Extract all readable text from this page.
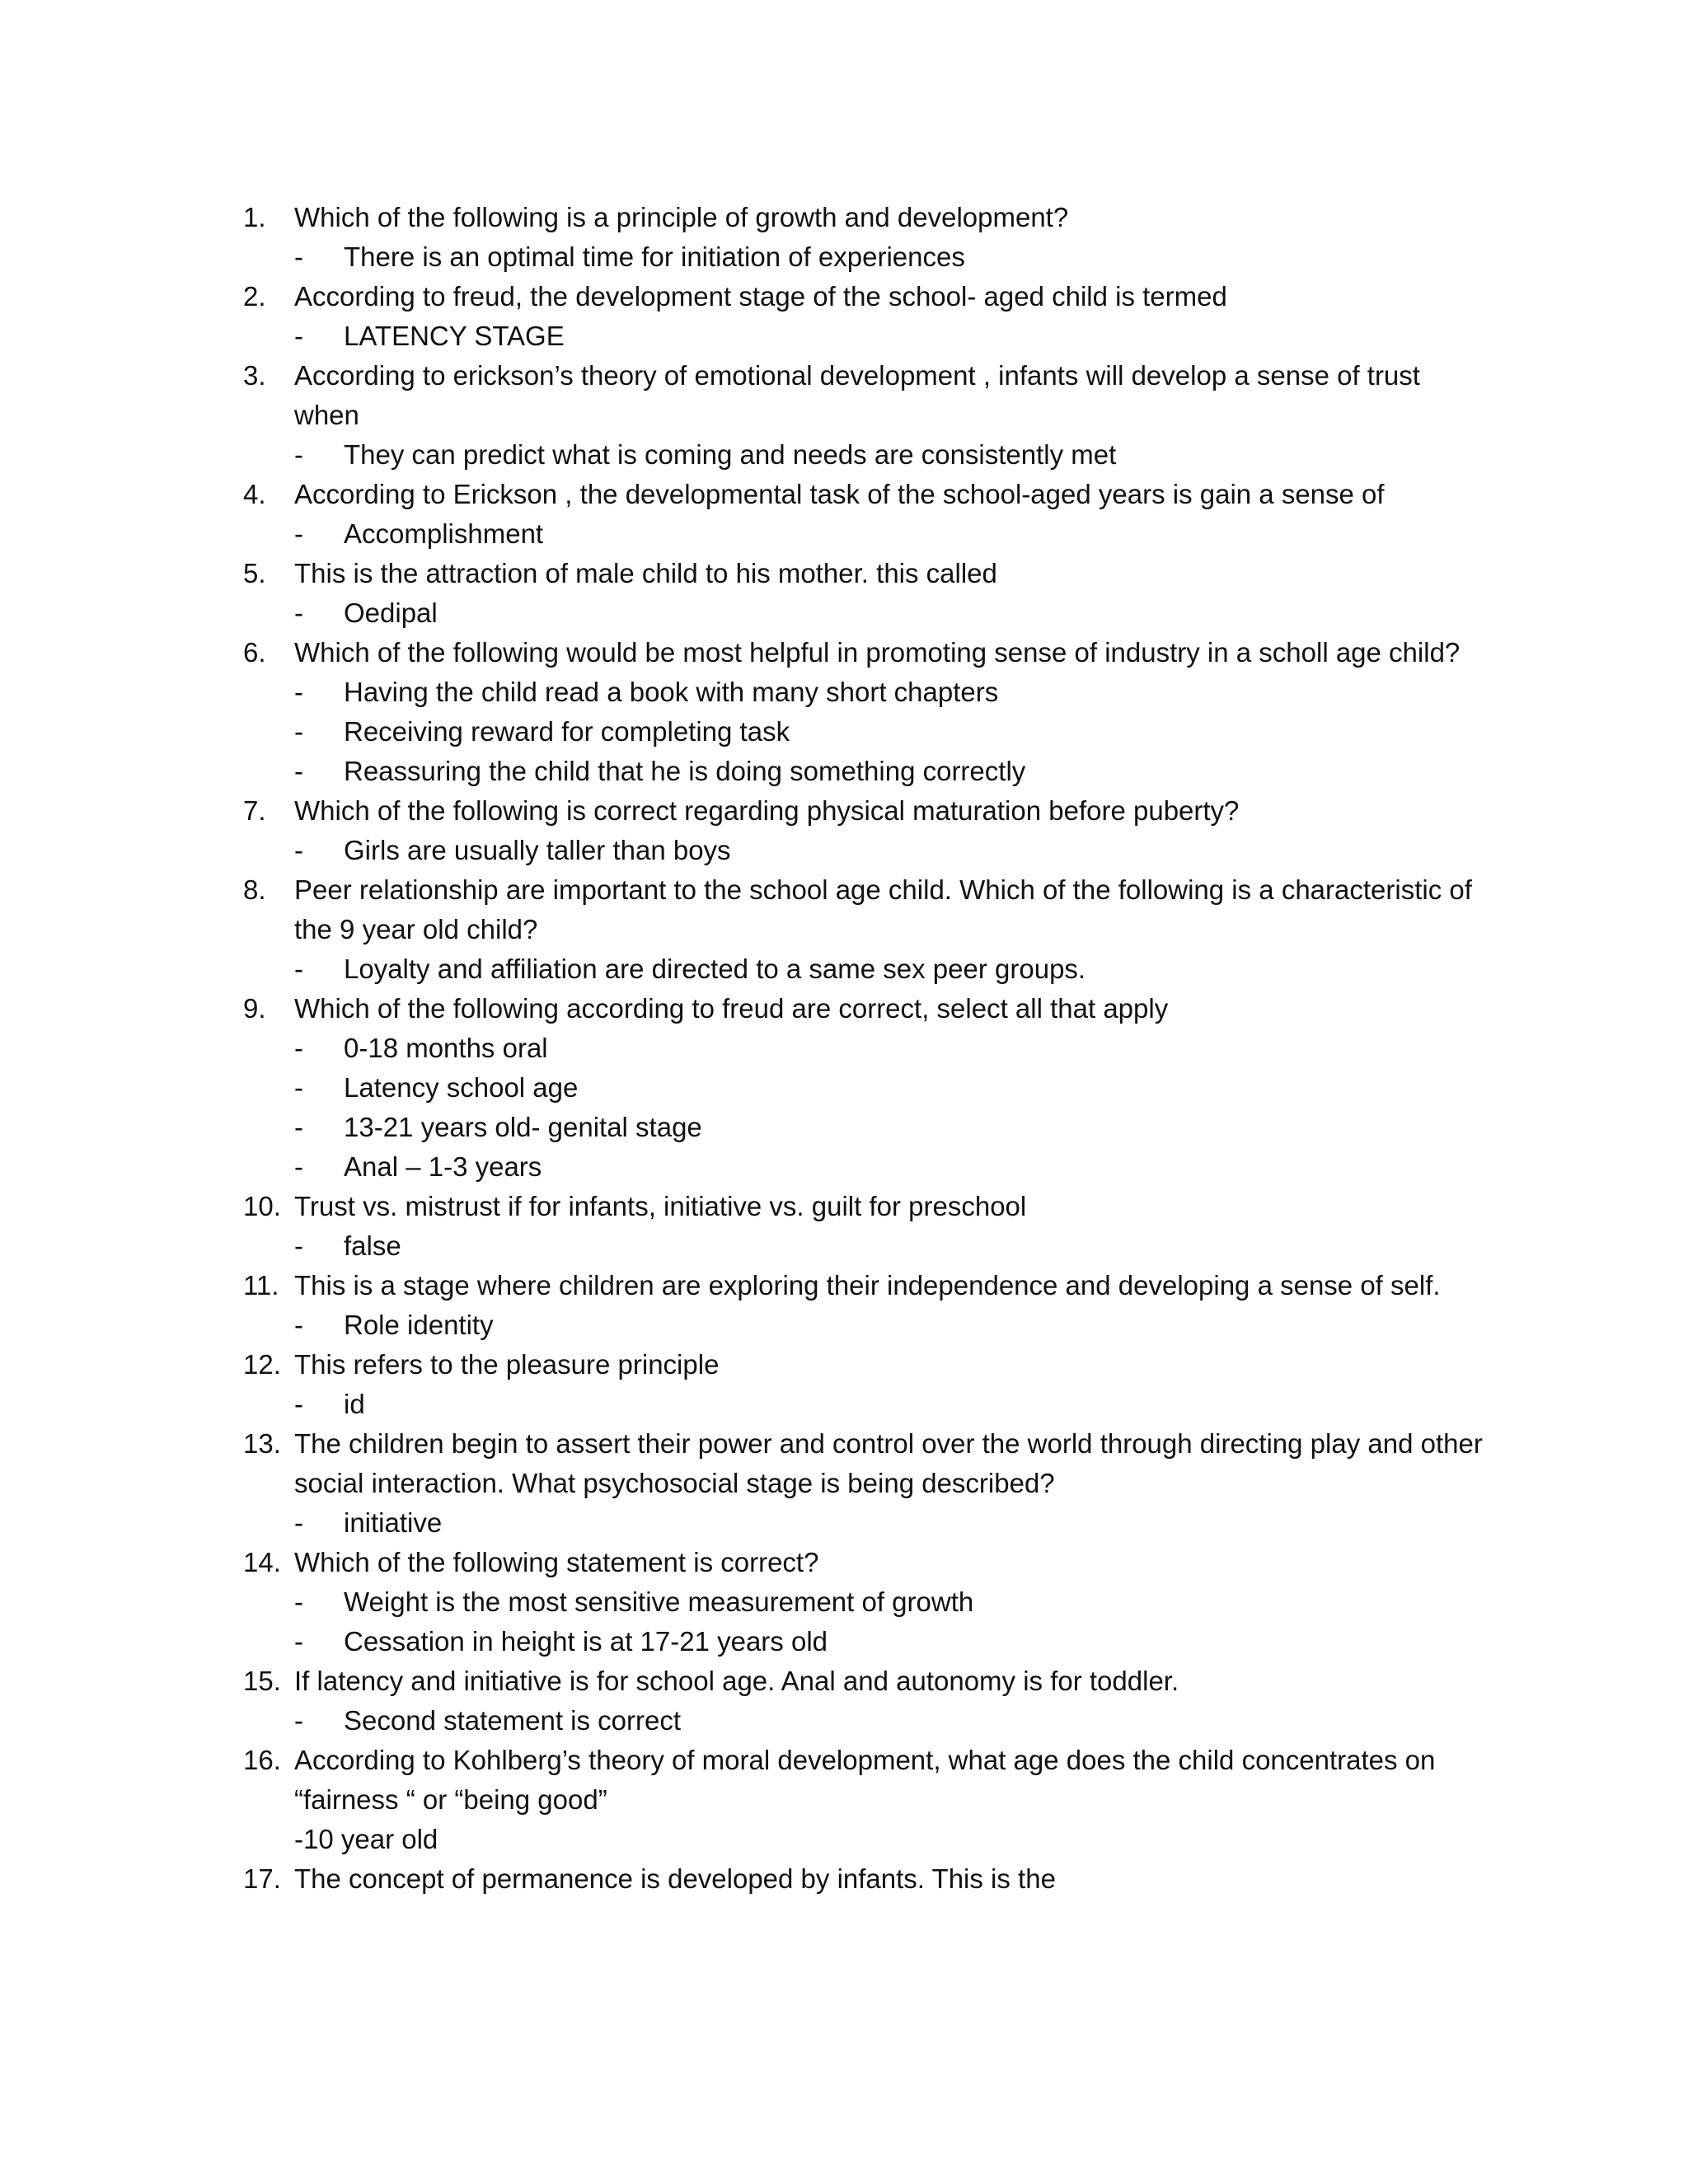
1.	Which of the following is a principle of growth and development?
- There is an optimal time for initiation of experiences
2.	According to freud, the development stage of the school- aged child is termed
- LATENCY STAGE
3.	According to erickson’s theory of emotional development , infants will develop a sense of trust when
- They can predict what is coming and needs are consistently met
4.	According to Erickson , the developmental task of the school-aged years is gain a sense of
- Accomplishment
5.	This is the attraction of male child to his mother. this called
- Oedipal
6.	Which of the following would be most helpful in promoting sense of industry in a scholl age child?
- Having the child read a book with many short chapters
- Receiving reward for completing task
- Reassuring the child that he is doing something correctly
7.	Which of the following is correct regarding physical maturation before puberty?
- Girls are usually taller than boys
8.	Peer relationship are important to the school age child. Which of the following is a characteristic of the 9 year old child?
- Loyalty and affiliation are directed to a same sex peer groups.
9.	Which of the following according to freud are correct, select all that apply
- 0-18 months oral
- Latency school age
- 13-21 years old- genital stage
- Anal – 1-3 years
10. Trust vs. mistrust if for infants, initiative vs. guilt for preschool
- false
11. This is a stage where children are exploring their independence and developing a sense of self.
- Role identity
12. This refers to the pleasure principle
- id
13. The children begin to assert their power and control over the world through directing play and other social interaction. What psychosocial stage is being described?
- initiative
14. Which of the following statement is correct?
- Weight is the most sensitive measurement of growth
- Cessation in height is at 17-21 years old
15. If latency and initiative is for school age. Anal and autonomy is for toddler.
- Second statement is correct
16. According to Kohlberg’s theory of moral development, what age does the child concentrates on “fairness “ or “being good”
-10 year old
17. The concept of permanence is developed by infants. This is the
